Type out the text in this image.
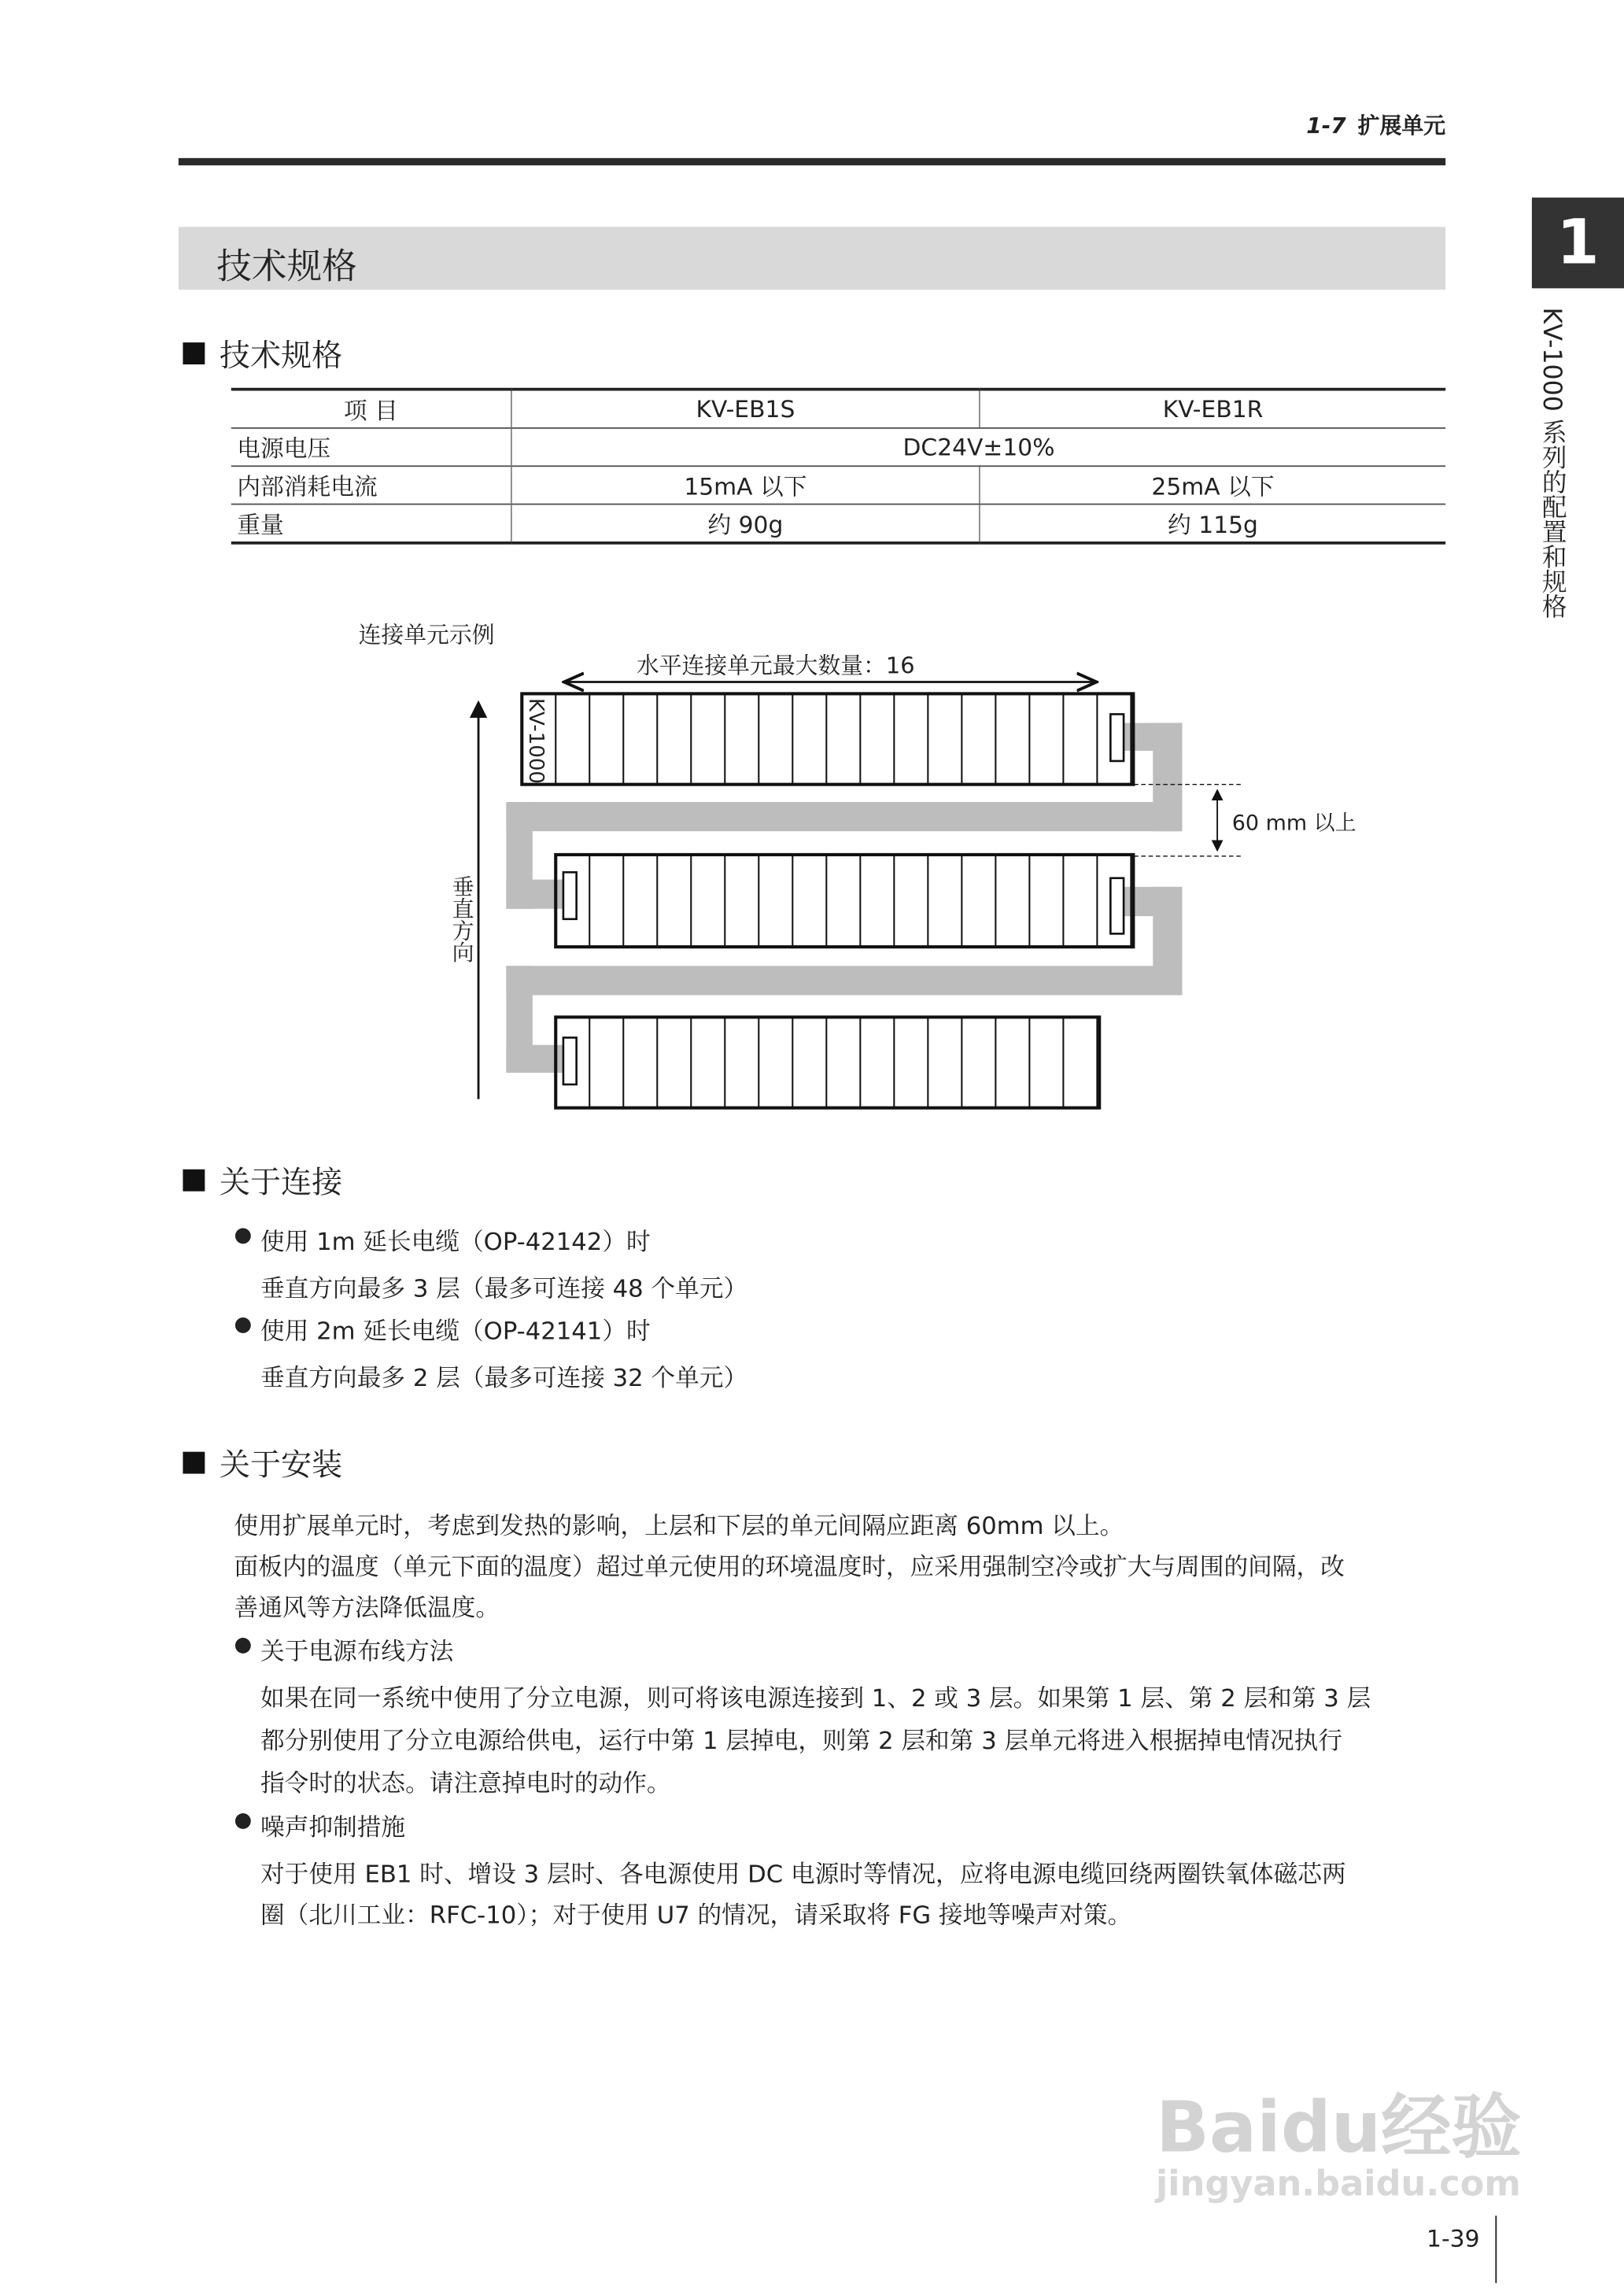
1-7 扩展单元
1
KV-1000 系列的配置和规格
技术规格
技术规格
项 目	KV-EB1S	KV-EB1R
电源电压	DC24V±10%	
内部消耗电流	15mA 以下	25mA 以下
重量	约 90g	约 115g
连接单元示例
水平连接单元最大数量：16
60 mm 以上
垂直方向
KV-1000
关于连接
● 使用 1m 延长电缆（OP-42142）时
垂直方向最多 3 层（最多可连接 48 个单元）
● 使用 2m 延长电缆（OP-42141）时
垂直方向最多 2 层（最多可连接 32 个单元）
关于安装
使用扩展单元时，考虑到发热的影响，上层和下层的单元间隔应距离 60mm 以上。
面板内的温度（单元下面的温度）超过单元使用的环境温度时，应采用强制空冷或扩大与周围的间隔，改
善通风等方法降低温度。
● 关于电源布线方法
如果在同一系统中使用了分立电源，则可将该电源连接到 1、2 或 3 层。如果第 1 层、第 2 层和第 3 层
都分别使用了分立电源给供电，运行中第 1 层掉电，则第 2 层和第 3 层单元将进入根据掉电情况执行
指令时的状态。请注意掉电时的动作。
● 噪声抑制措施
对于使用 EB1 时、增设 3 层时、各电源使用 DC 电源时等情况，应将电源电缆回绕两圈铁氧体磁芯两
圈（北川工业：RFC-10）；对于使用 U7 的情况，请采取将 FG 接地等噪声对策。
Baidu经验
jingyan.baidu.com
1-39
